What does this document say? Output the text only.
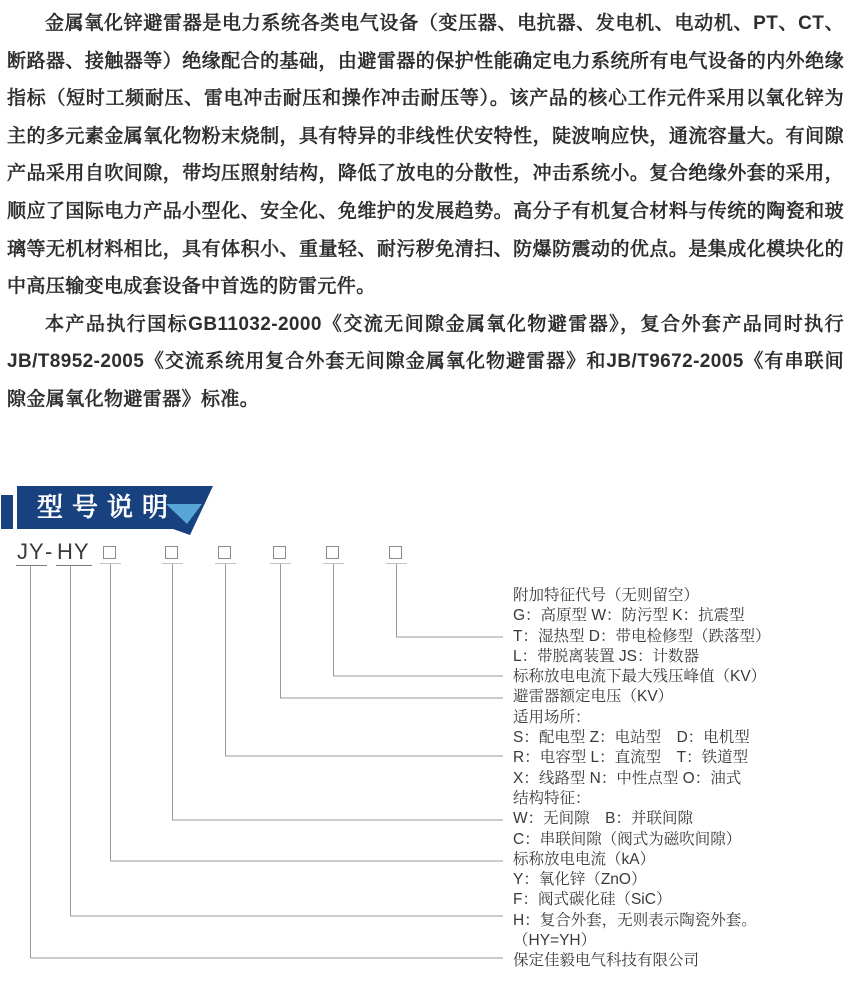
金属氧化锌避雷器是电力系统各类电气设备（变压器、电抗器、发电机、电动机、PT、CT、断路器、接触器等）绝缘配合的基础，由避雷器的保护性能确定电力系统所有电气设备的内外绝缘指标（短时工频耐压、雷电冲击耐压和操作冲击耐压等）。该产品的核心工作元件采用以氧化锌为主的多元素金属氧化物粉末烧制，具有特异的非线性伏安特性，陡波响应快，通流容量大。有间隙产品采用自吹间隙，带均压照射结构，降低了放电的分散性，冲击系统小。复合绝缘外套的采用，顺应了国际电力产品小型化、安全化、免维护的发展趋势。高分子有机复合材料与传统的陶瓷和玻璃等无机材料相比，具有体积小、重量轻、耐污秽免清扫、防爆防震动的优点。是集成化模块化的中高压输变电成套设备中首选的防雷元件。

本产品执行国标GB11032-2000《交流无间隙金属氧化物避雷器》，复合外套产品同时执行JB/T8952-2005《交流系统用复合外套无间隙金属氧化物避雷器》和JB/T9672-2005《有串联间隙金属氧化物避雷器》标准。

型号说明
JY - HY
附加特征代号（无则留空）
G：高原型 W：防污型 K：抗震型
T：湿热型 D：带电检修型（跌落型）
L：带脱离装置 JS：计数器
标称放电电流下最大残压峰值（KV）
避雷器额定电压（KV）
适用场所：
S：配电型 Z：电站型　D：电机型
R：电容型 L：直流型　T：铁道型
X：线路型 N：中性点型 O：油式
结构特征：
W：无间隙　B：并联间隙
C：串联间隙（阀式为磁吹间隙）
标称放电电流（kA）
Y：氧化锌（ZnO）
F：阀式碳化硅（SiC）
H：复合外套，无则表示陶瓷外套。
（HY=YH）
保定佳毅电气科技有限公司
